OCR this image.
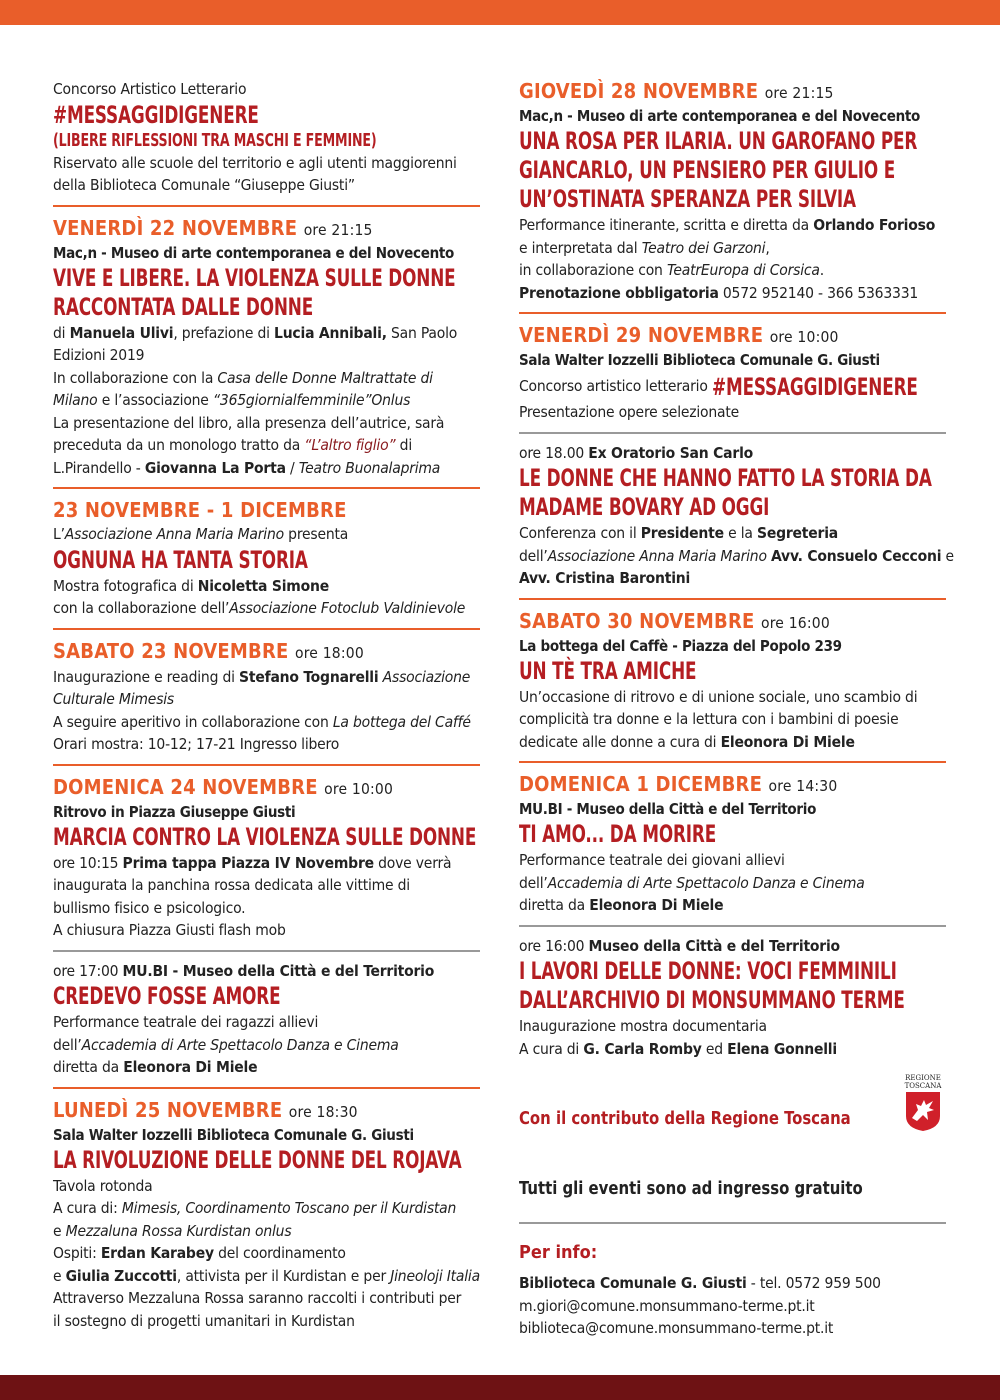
Concorso Artistico Letterario
#MESSAGGIDIGENERE
(LIBERE RIFLESSIONI TRA MASCHI E FEMMINE)
Riservato alle scuole del territorio e agli utenti maggiorenni
della Biblioteca Comunale “Giuseppe Giusti”
VENERDÌ 22 NOVEMBRE ore 21:15
Mac,n - Museo di arte contemporanea e del Novecento
VIVE E LIBERE. LA VIOLENZA SULLE DONNE
RACCONTATA DALLE DONNE
di Manuela Ulivi, prefazione di Lucia Annibali, San Paolo
Edizioni 2019
In collaborazione con la Casa delle Donne Maltrattate di
Milano e l’associazione “365giornialfemminile”Onlus
La presentazione del libro, alla presenza dell’autrice, sarà
preceduta da un monologo tratto da “L’altro figlio” di
L.Pirandello - Giovanna La Porta / Teatro Buonalaprima
23 NOVEMBRE - 1 DICEMBRE
L’Associazione Anna Maria Marino presenta
OGNUNA HA TANTA STORIA
Mostra fotografica di Nicoletta Simone
con la collaborazione dell’Associazione Fotoclub Valdinievole
SABATO 23 NOVEMBRE ore 18:00
Inaugurazione e reading di Stefano Tognarelli Associazione
Culturale Mimesis
A seguire aperitivo in collaborazione con La bottega del Caffé
Orari mostra: 10-12; 17-21 Ingresso libero
DOMENICA 24 NOVEMBRE ore 10:00
Ritrovo in Piazza Giuseppe Giusti
MARCIA CONTRO LA VIOLENZA SULLE DONNE
ore 10:15 Prima tappa Piazza IV Novembre dove verrà
inaugurata la panchina rossa dedicata alle vittime di
bullismo fisico e psicologico.
A chiusura Piazza Giusti flash mob
ore 17:00 MU.BI - Museo della Città e del Territorio
CREDEVO FOSSE AMORE
Performance teatrale dei ragazzi allievi
dell’Accademia di Arte Spettacolo Danza e Cinema
diretta da Eleonora Di Miele
LUNEDÌ 25 NOVEMBRE ore 18:30
Sala Walter Iozzelli Biblioteca Comunale G. Giusti
LA RIVOLUZIONE DELLE DONNE DEL ROJAVA
Tavola rotonda
A cura di: Mimesis, Coordinamento Toscano per il Kurdistan
e Mezzaluna Rossa Kurdistan onlus
Ospiti: Erdan Karabey del coordinamento
e Giulia Zuccotti, attivista per il Kurdistan e per Jineoloji Italia
Attraverso Mezzaluna Rossa saranno raccolti i contributi per
il sostegno di progetti umanitari in Kurdistan
GIOVEDÌ 28 NOVEMBRE ore 21:15
Mac,n - Museo di arte contemporanea e del Novecento
UNA ROSA PER ILARIA. UN GAROFANO PER
GIANCARLO, UN PENSIERO PER GIULIO E
UN’OSTINATA SPERANZA PER SILVIA
Performance itinerante, scritta e diretta da Orlando Forioso
e interpretata dal Teatro dei Garzoni,
in collaborazione con TeatrEuropa di Corsica.
Prenotazione obbligatoria 0572 952140 - 366 5363331
VENERDÌ 29 NOVEMBRE ore 10:00
Sala Walter Iozzelli Biblioteca Comunale G. Giusti
Concorso artistico letterario #MESSAGGIDIGENERE
Presentazione opere selezionate
ore 18.00 Ex Oratorio San Carlo
LE DONNE CHE HANNO FATTO LA STORIA DA
MADAME BOVARY AD OGGI
Conferenza con il Presidente e la Segreteria
dell’Associazione Anna Maria Marino Avv. Consuelo Cecconi e
Avv. Cristina Barontini
SABATO 30 NOVEMBRE ore 16:00
La bottega del Caffè - Piazza del Popolo 239
UN TÈ TRA AMICHE
Un’occasione di ritrovo e di unione sociale, uno scambio di
complicità tra donne e la lettura con i bambini di poesie
dedicate alle donne a cura di Eleonora Di Miele
DOMENICA 1 DICEMBRE ore 14:30
MU.BI - Museo della Città e del Territorio
TI AMO... DA MORIRE
Performance teatrale dei giovani allievi
dell’Accademia di Arte Spettacolo Danza e Cinema
diretta da Eleonora Di Miele
ore 16:00 Museo della Città e del Territorio
I LAVORI DELLE DONNE: VOCI FEMMINILI
DALL’ARCHIVIO DI MONSUMMANO TERME
Inaugurazione mostra documentaria
A cura di G. Carla Romby ed Elena Gonnelli
Con il contributo della Regione Toscana
Tutti gli eventi sono ad ingresso gratuito
Per info:
Biblioteca Comunale G. Giusti - tel. 0572 959 500
m.giori@comune.monsummano-terme.pt.it
biblioteca@comune.monsummano-terme.pt.it
REGIONE
TOSCANA
